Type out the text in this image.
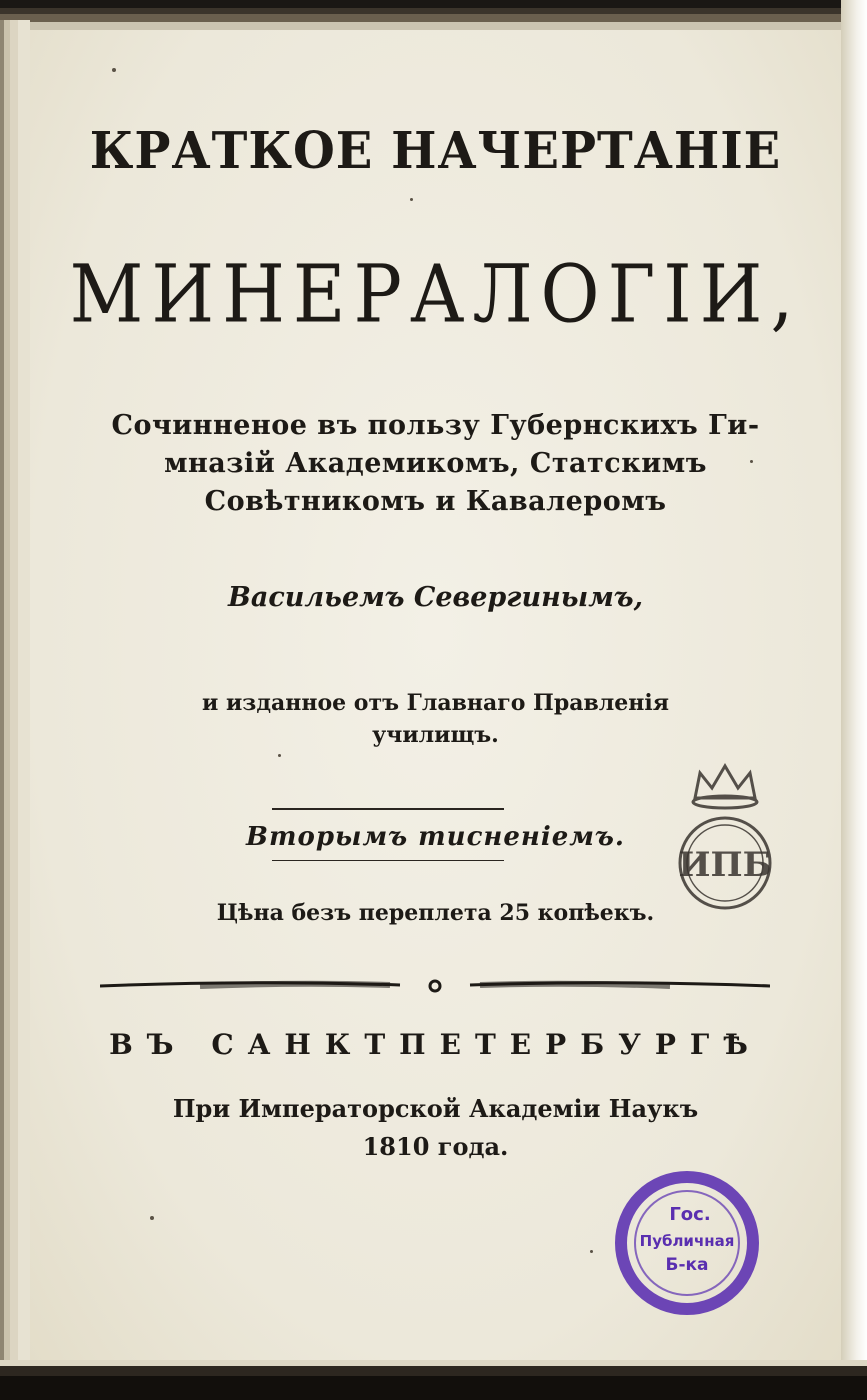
КРАТКОЕ НАЧЕРТАНІЕ
МИНЕРАЛОГІИ,
Сочинненое въ пользу Губернскихъ Ги-
мназій Академикомъ, Статскимъ
Совѣтникомъ и Кавалеромъ
Васильемъ Севергинымъ,
и изданное отъ Главнаго Правленія
училищъ.
Вторымъ тисненіемъ.
Цѣна безъ переплета 25 копѣекъ.
ВЪ САНКТПЕТЕРБУРГѢ
При Императорской Академіи Наукъ
1810 года.
ИПБ
Гос.
Публичная
Б-ка
